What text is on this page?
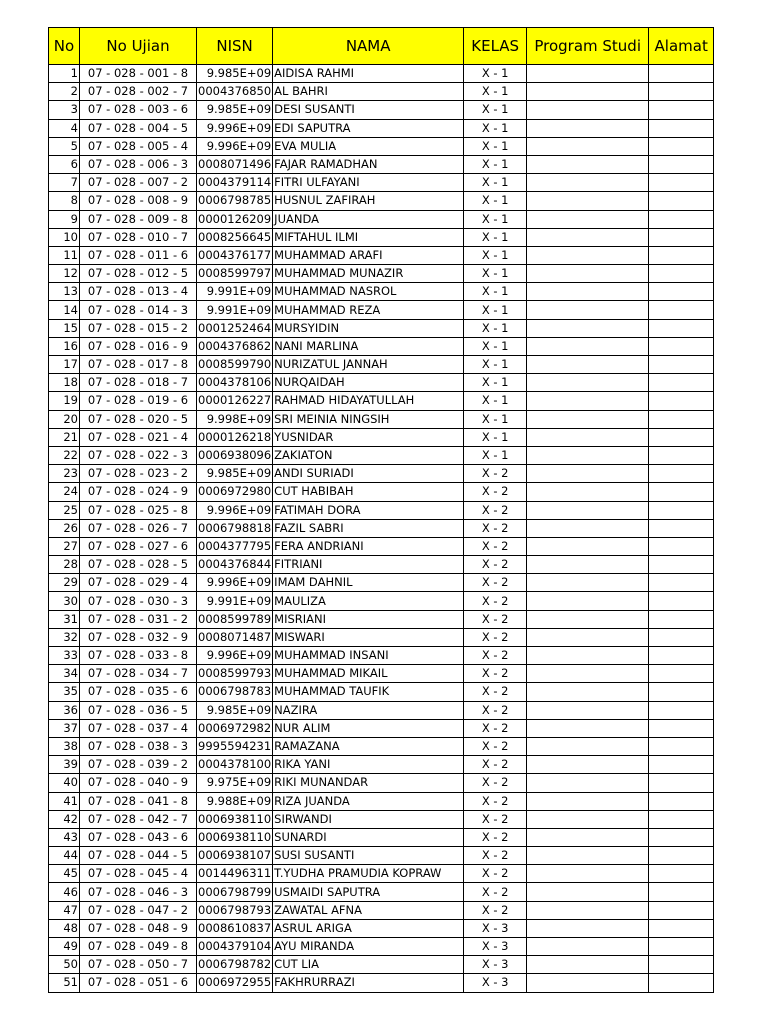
No	No Ujian	NISN	NAMA	KELAS	Program Studi	Alamat
1	07 - 028 - 001 - 8	9.985E+09	AIDISA RAHMI	X - 1		
2	07 - 028 - 002 - 7	0004376850	AL BAHRI	X - 1		
3	07 - 028 - 003 - 6	9.985E+09	DESI SUSANTI	X - 1		
4	07 - 028 - 004 - 5	9.996E+09	EDI SAPUTRA	X - 1		
5	07 - 028 - 005 - 4	9.996E+09	EVA MULIA	X - 1		
6	07 - 028 - 006 - 3	0008071496	FAJAR RAMADHAN	X - 1		
7	07 - 028 - 007 - 2	0004379114	FITRI ULFAYANI	X - 1		
8	07 - 028 - 008 - 9	0006798785	HUSNUL ZAFIRAH	X - 1		
9	07 - 028 - 009 - 8	0000126209	JUANDA	X - 1		
10	07 - 028 - 010 - 7	0008256645	MIFTAHUL ILMI	X - 1		
11	07 - 028 - 011 - 6	0004376177	MUHAMMAD ARAFI	X - 1		
12	07 - 028 - 012 - 5	0008599797	MUHAMMAD MUNAZIR	X - 1		
13	07 - 028 - 013 - 4	9.991E+09	MUHAMMAD NASROL	X - 1		
14	07 - 028 - 014 - 3	9.991E+09	MUHAMMAD REZA	X - 1		
15	07 - 028 - 015 - 2	0001252464	MURSYIDIN	X - 1		
16	07 - 028 - 016 - 9	0004376862	NANI MARLINA	X - 1		
17	07 - 028 - 017 - 8	0008599790	NURIZATUL JANNAH	X - 1		
18	07 - 028 - 018 - 7	0004378106	NURQAIDAH	X - 1		
19	07 - 028 - 019 - 6	0000126227	RAHMAD HIDAYATULLAH	X - 1		
20	07 - 028 - 020 - 5	9.998E+09	SRI MEINIA NINGSIH	X - 1		
21	07 - 028 - 021 - 4	0000126218	YUSNIDAR	X - 1		
22	07 - 028 - 022 - 3	0006938096	ZAKIATON	X - 1		
23	07 - 028 - 023 - 2	9.985E+09	ANDI SURIADI	X - 2		
24	07 - 028 - 024 - 9	0006972980	CUT HABIBAH	X - 2		
25	07 - 028 - 025 - 8	9.996E+09	FATIMAH DORA	X - 2		
26	07 - 028 - 026 - 7	0006798818	FAZIL SABRI	X - 2		
27	07 - 028 - 027 - 6	0004377795	FERA ANDRIANI	X - 2		
28	07 - 028 - 028 - 5	0004376844	FITRIANI	X - 2		
29	07 - 028 - 029 - 4	9.996E+09	IMAM DAHNIL	X - 2		
30	07 - 028 - 030 - 3	9.991E+09	MAULIZA	X - 2		
31	07 - 028 - 031 - 2	0008599789	MISRIANI	X - 2		
32	07 - 028 - 032 - 9	0008071487	MISWARI	X - 2		
33	07 - 028 - 033 - 8	9.996E+09	MUHAMMAD INSANI	X - 2		
34	07 - 028 - 034 - 7	0008599793	MUHAMMAD MIKAIL	X - 2		
35	07 - 028 - 035 - 6	0006798783	MUHAMMAD TAUFIK	X - 2		
36	07 - 028 - 036 - 5	9.985E+09	NAZIRA	X - 2		
37	07 - 028 - 037 - 4	0006972982	NUR ALIM	X - 2		
38	07 - 028 - 038 - 3	9995594231	RAMAZANA	X - 2		
39	07 - 028 - 039 - 2	0004378100	RIKA YANI	X - 2		
40	07 - 028 - 040 - 9	9.975E+09	RIKI MUNANDAR	X - 2		
41	07 - 028 - 041 - 8	9.988E+09	RIZA JUANDA	X - 2		
42	07 - 028 - 042 - 7	0006938110	SIRWANDI	X - 2		
43	07 - 028 - 043 - 6	0006938110	SUNARDI	X - 2		
44	07 - 028 - 044 - 5	0006938107	SUSI SUSANTI	X - 2		
45	07 - 028 - 045 - 4	0014496311	T.YUDHA PRAMUDIA KOPRAW	X - 2		
46	07 - 028 - 046 - 3	0006798799	USMAIDI SAPUTRA	X - 2		
47	07 - 028 - 047 - 2	0006798793	ZAWATAL AFNA	X - 2		
48	07 - 028 - 048 - 9	0008610837	ASRUL ARIGA	X - 3		
49	07 - 028 - 049 - 8	0004379104	AYU MIRANDA	X - 3		
50	07 - 028 - 050 - 7	0006798782	CUT LIA	X - 3		
51	07 - 028 - 051 - 6	0006972955	FAKHRURRAZI	X - 3		
